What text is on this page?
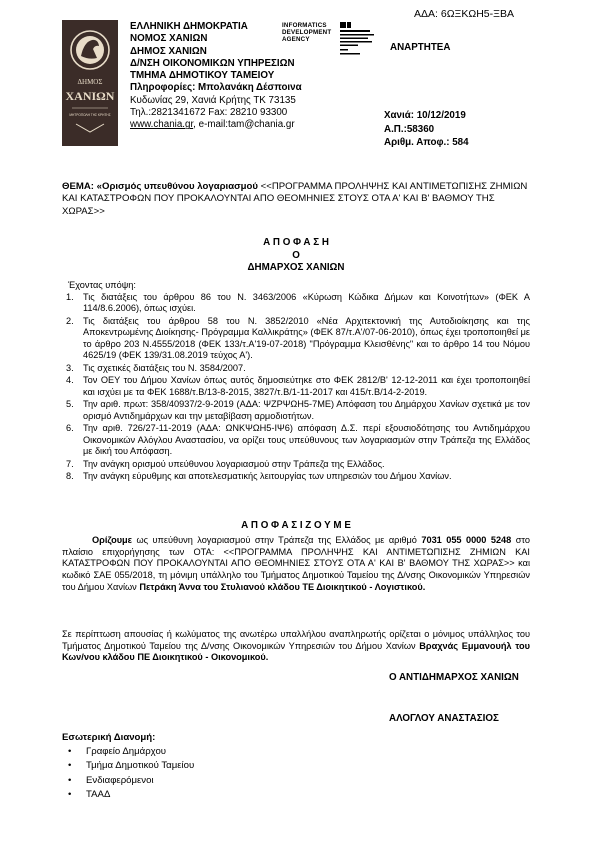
ΑΔΑ: 6ΩΞΚΩΗ5-ΞΒΑ
ΔΗΜΟΣ
ΧΑΝΙΩΝ
ΜΗΤΡΟΠΟΛΗ ΤΗΣ ΚΡΗΤΗΣ
ΕΛΛΗΝΙΚΗ ΔΗΜΟΚΡΑΤΙΑ
ΝΟΜΟΣ ΧΑΝΙΩΝ
ΔΗΜΟΣ ΧΑΝΙΩΝ
Δ/ΝΣΗ ΟΙΚΟΝΟΜΙΚΩΝ ΥΠΗΡΕΣΙΩΝ
ΤΜΗΜΑ ΔΗΜΟΤΙΚΟΥ ΤΑΜΕΙΟΥ
Πληροφορίες: Μπολανάκη Δέσποινα
Κυδωνίας 29, Χανιά Κρήτης ΤΚ 73135
Τηλ.:2821341672 Fax: 28210 93300
www.chania.gr, e-mail:tam@chania.gr
INFORMATICS
DEVELOPMENT
AGENCY
ΑΝΑΡΤΗΤΕΑ
Χανιά: 10/12/2019
Α.Π.:58360
Αριθμ. Αποφ.: 584
ΘΕΜΑ: «Ορισμός υπευθύνου λογαριασμού <<ΠΡΟΓΡΑΜΜΑ ΠΡΟΛΗΨΗΣ ΚΑΙ ΑΝΤΙΜΕΤΩΠΙΣΗΣ ΖΗΜΙΩΝ ΚΑΙ ΚΑΤΑΣΤΡΟΦΩΝ ΠΟΥ ΠΡΟΚΑΛΟΥΝΤΑΙ ΑΠΟ ΘΕΟΜΗΝΙΕΣ ΣΤΟΥΣ ΟΤΑ Α' ΚΑΙ Β' ΒΑΘΜΟΥ ΤΗΣ ΧΩΡΑΣ>>
Α Π Ο Φ Α Σ Η
Ο
ΔΗΜΑΡΧΟΣ ΧΑΝΙΩΝ
Έχοντας υπόψη:
1. Τις διατάξεις του άρθρου 86 του Ν. 3463/2006 «Κύρωση Κώδικα Δήμων και Κοινοτήτων» (ΦΕΚ Α 114/8.6.2006), όπως ισχύει.
2. Τις διατάξεις του άρθρου 58 του Ν. 3852/2010 «Νέα Αρχιτεκτονική της Αυτοδιοίκησης και της Αποκεντρωμένης Διοίκησης- Πρόγραμμα Καλλικράτης» (ΦΕΚ 87/τ.Α'/07-06-2010), όπως έχει τροποποιηθεί με το άρθρο 203 Ν.4555/2018 (ΦΕΚ 133/τ.Α'19-07-2018) "Πρόγραμμα Κλεισθένης" και το άρθρο 14 του Νόμου 4625/19 (ΦΕΚ 139/31.08.2019 τεύχος Α').
3. Τις σχετικές διατάξεις του Ν. 3584/2007.
4. Τον ΟΕΥ του Δήμου Χανίων όπως αυτός δημοσιεύτηκε στο ΦΕΚ 2812/Β' 12-12-2011 και έχει τροποποιηθεί και ισχύει με τα ΦΕΚ 1688/τ.Β/13-8-2015, 3827/τ.Β/1-11-2017 και 415/τ.Β/14-2-2019.
5. Την αριθ. πρωτ: 358/40937/2-9-2019 (ΑΔΑ: ΨΖΡΨΩΗ5-7ΜΕ) Απόφαση του Δημάρχου Χανίων σχετικά με τον ορισμό Αντιδημάρχων και την μεταβίβαση αρμοδιοτήτων.
6. Την αριθ. 726/27-11-2019 (ΑΔΑ: ΩΝΚΨΩΗ5-ΙΨ6) απόφαση Δ.Σ. περί εξουσιοδότησης του Αντιδημάρχου Οικονομικών Αλόγλου Αναστασίου, να ορίζει τους υπεύθυνους των λογαριασμών στην Τράπεζα της Ελλάδος με δική του Απόφαση.
7. Την ανάγκη ορισμού υπεύθυνου λογαριασμού στην Τράπεζα της Ελλάδος.
8. Την ανάγκη εύρυθμης και αποτελεσματικής λειτουργίας των υπηρεσιών του Δήμου Χανίων.
Α Π Ο Φ Α Σ Ι Ζ Ο Υ Μ Ε
Ορίζουμε ως υπεύθυνη λογαριασμού στην Τράπεζα της Ελλάδος με αριθμό 7031 055 0000 5248 στο πλαίσιο επιχορήγησης των ΟΤΑ: <<ΠΡΟΓΡΑΜΜΑ ΠΡΟΛΗΨΗΣ ΚΑΙ ΑΝΤΙΜΕΤΩΠΙΣΗΣ ΖΗΜΙΩΝ ΚΑΙ ΚΑΤΑΣΤΡΟΦΩΝ ΠΟΥ ΠΡΟΚΑΛΟΥΝΤΑΙ ΑΠΟ ΘΕΟΜΗΝΙΕΣ ΣΤΟΥΣ ΟΤΑ Α' ΚΑΙ Β' ΒΑΘΜΟΥ ΤΗΣ ΧΩΡΑΣ>> και κωδικό ΣΑΕ 055/2018, τη μόνιμη υπάλληλο του Τμήματος Δημοτικού Ταμείου της Δ/νσης Οικονομικών Υπηρεσιών του Δήμου Χανίων Πετράκη Άννα του Στυλιανού κλάδου ΤΕ Διοικητικού - Λογιστικού.
Σε περίπτωση απουσίας ή κωλύματος της ανωτέρω υπαλλήλου αναπληρωτής ορίζεται ο μόνιμος υπάλληλος του Τμήματος Δημοτικού Ταμείου της Δ/νσης Οικονομικών Υπηρεσιών του Δήμου Χανίων Βραχνάς Εμμανουήλ του Κων/νου κλάδου ΠΕ Διοικητικού - Οικονομικού.
Ο ΑΝΤΙΔΗΜΑΡΧΟΣ ΧΑΝΙΩΝ
ΑΛΟΓΛΟΥ ΑΝΑΣΤΑΣΙΟΣ
Εσωτερική Διανομή:
• Γραφείο Δημάρχου
• Τμήμα Δημοτικού Ταμείου
• Ενδιαφερόμενοι
• ΤΑΑΔ
